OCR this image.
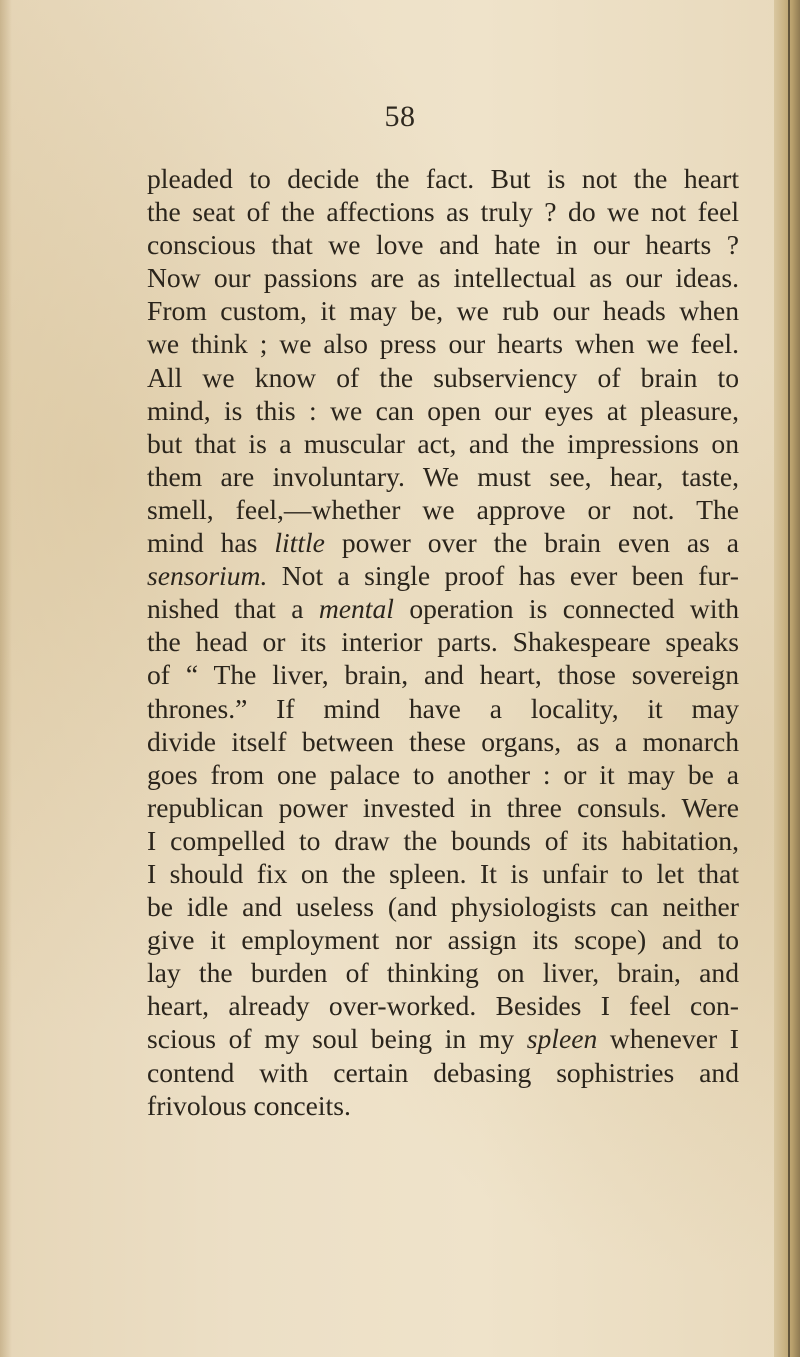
58
pleaded to decide the fact. But is not the heart
the seat of the affections as truly ? do we not feel
conscious that we love and hate in our hearts ?
Now our passions are as intellectual as our ideas.
From custom, it may be, we rub our heads when
we think ; we also press our hearts when we feel.
All we know of the subserviency of brain to
mind, is this : we can open our eyes at pleasure,
but that is a muscular act, and the impressions on
them are involuntary. We must see, hear, taste,
smell, feel,—whether we approve or not. The
mind has little power over the brain even as a
sensorium. Not a single proof has ever been fur-
nished that a mental operation is connected with
the head or its interior parts. Shakespeare speaks
of “ The liver, brain, and heart, those sovereign
thrones.” If mind have a locality, it may
divide itself between these organs, as a monarch
goes from one palace to another : or it may be a
republican power invested in three consuls. Were
I compelled to draw the bounds of its habitation,
I should fix on the spleen. It is unfair to let that
be idle and useless (and physiologists can neither
give it employment nor assign its scope) and to
lay the burden of thinking on liver, brain, and
heart, already over-worked. Besides I feel con-
scious of my soul being in my spleen whenever I
contend with certain debasing sophistries and
frivolous conceits.
